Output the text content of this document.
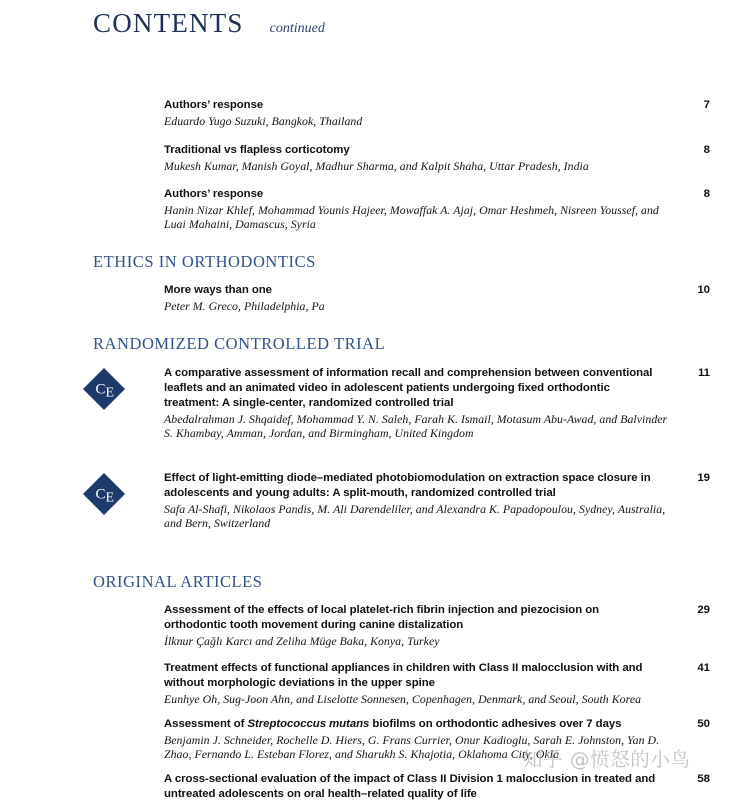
CONTENTS continued
Authors’ response
Eduardo Yugo Suzuki, Bangkok, Thailand
7
Traditional vs flapless corticotomy
Mukesh Kumar, Manish Goyal, Madhur Sharma, and Kalpit Shaha, Uttar Pradesh, India
8
Authors’ response
Hanin Nizar Khlef, Mohammad Younis Hajeer, Mowaffak A. Ajaj, Omar Heshmeh, Nisreen Youssef, and Luai Mahaini, Damascus, Syria
8
ETHICS IN ORTHODONTICS
More ways than one
Peter M. Greco, Philadelphia, Pa
10
RANDOMIZED CONTROLLED TRIAL
C E
A comparative assessment of information recall and comprehension between conventional leaflets and an animated video in adolescent patients undergoing fixed orthodontic treatment: A single-center, randomized controlled trial
Abedalrahman J. Shqaidef, Mohammad Y. N. Saleh, Farah K. Ismail, Motasum Abu-Awad, and Balvinder S. Khambay, Amman, Jordan, and Birmingham, United Kingdom
11
C E
Effect of light-emitting diode–mediated photobiomodulation on extraction space closure in adolescents and young adults: A split-mouth, randomized controlled trial
Safa Al-Shafi, Nikolaos Pandis, M. Ali Darendeliler, and Alexandra K. Papadopoulou, Sydney, Australia, and Bern, Switzerland
19
ORIGINAL ARTICLES
Assessment of the effects of local platelet-rich fibrin injection and piezocision on orthodontic tooth movement during canine distalization
İlknur Çağlı Karcı and Zeliha Müge Baka, Konya, Turkey
29
Treatment effects of functional appliances in children with Class II malocclusion with and without morphologic deviations in the upper spine
Eunhye Oh, Sug-Joon Ahn, and Liselotte Sonnesen, Copenhagen, Denmark, and Seoul, South Korea
41
Assessment of Streptococcus mutans biofilms on orthodontic adhesives over 7 days
Benjamin J. Schneider, Rochelle D. Hiers, G. Frans Currier, Onur Kadioglu, Sarah E. Johnston, Yan D. Zhao, Fernando L. Esteban Florez, and Sharukh S. Khajotia, Oklahoma City, Okla
50
A cross-sectional evaluation of the impact of Class II Division 1 malocclusion in treated and untreated adolescents on oral health–related quality of life
58
知乎 @愤怒的小鸟
